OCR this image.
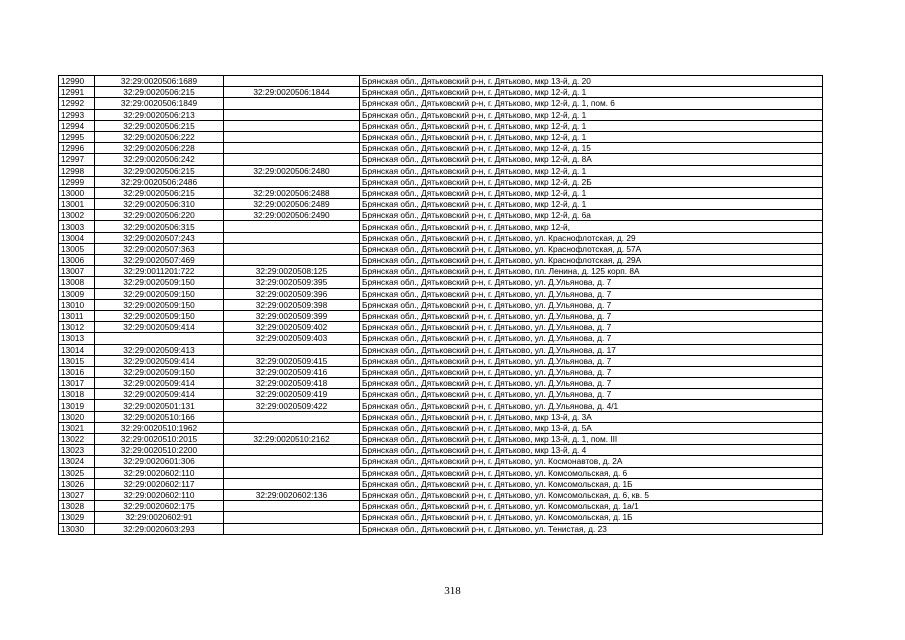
12990	32:29:0020506:1689		Брянская обл., Дятьковский р-н, г. Дятьково, мкр 13-й, д. 20
12991	32:29:0020506:215	32:29:0020506:1844	Брянская обл., Дятьковский р-н, г. Дятьково, мкр 12-й, д. 1
12992	32:29:0020506:1849		Брянская обл., Дятьковский р-н, г. Дятьково, мкр 12-й, д. 1, пом. 6
12993	32:29:0020506:213		Брянская обл., Дятьковский р-н, г. Дятьково, мкр 12-й, д. 1
12994	32:29:0020506:215		Брянская обл., Дятьковский р-н, г. Дятьково, мкр 12-й, д. 1
12995	32:29:0020506:222		Брянская обл., Дятьковский р-н, г. Дятьково, мкр 12-й, д. 1
12996	32:29:0020506:228		Брянская обл., Дятьковский р-н, г. Дятьково, мкр 12-й, д. 15
12997	32:29:0020506:242		Брянская обл., Дятьковский р-н, г. Дятьково, мкр 12-й, д. 8А
12998	32:29:0020506:215	32:29:0020506:2480	Брянская обл., Дятьковский р-н, г. Дятьково, мкр 12-й, д. 1
12999	32:29:0020506:2486		Брянская обл., Дятьковский р-н, г. Дятьково, мкр 12-й, д. 2Б
13000	32:29:0020506:215	32:29:0020506:2488	Брянская обл., Дятьковский р-н, г. Дятьково, мкр 12-й, д. 1
13001	32:29:0020506:310	32:29:0020506:2489	Брянская обл., Дятьковский р-н, г. Дятьково, мкр 12-й, д. 1
13002	32:29:0020506:220	32:29:0020506:2490	Брянская обл., Дятьковский р-н, г. Дятьково, мкр 12-й, д. 6а
13003	32:29:0020506:315		Брянская обл., Дятьковский р-н, г. Дятьково, мкр 12-й,
13004	32:29:0020507:243		Брянская обл., Дятьковский р-н, г. Дятьково, ул. Краснофлотская, д. 29
13005	32:29:0020507:363		Брянская обл., Дятьковский р-н, г. Дятьково, ул. Краснофлотская, д. 57А
13006	32:29:0020507:469		Брянская обл., Дятьковский р-н, г. Дятьково, ул. Краснофлотская, д. 29А
13007	32:29:0011201:722	32:29:0020508:125	Брянская обл., Дятьковский р-н, г. Дятьково, пл. Ленина, д. 125 корп. 8А
13008	32:29:0020509:150	32:29:0020509:395	Брянская обл., Дятьковский р-н, г. Дятьково, ул. Д.Ульянова, д. 7
13009	32:29:0020509:150	32:29:0020509:396	Брянская обл., Дятьковский р-н, г. Дятьково, ул. Д.Ульянова, д. 7
13010	32:29:0020509:150	32:29:0020509:398	Брянская обл., Дятьковский р-н, г. Дятьково, ул. Д.Ульянова, д. 7
13011	32:29:0020509:150	32:29:0020509:399	Брянская обл., Дятьковский р-н, г. Дятьково, ул. Д.Ульянова, д. 7
13012	32:29:0020509:414	32:29:0020509:402	Брянская обл., Дятьковский р-н, г. Дятьково, ул. Д.Ульянова, д. 7
13013		32:29:0020509:403	Брянская обл., Дятьковский р-н, г. Дятьково, ул. Д.Ульянова, д. 7
13014	32:29:0020509:413		Брянская обл., Дятьковский р-н, г. Дятьково, ул. Д.Ульянова, д. 17
13015	32:29:0020509:414	32:29:0020509:415	Брянская обл., Дятьковский р-н, г. Дятьково, ул. Д.Ульянова, д. 7
13016	32:29:0020509:150	32:29:0020509:416	Брянская обл., Дятьковский р-н, г. Дятьково, ул. Д.Ульянова, д. 7
13017	32:29:0020509:414	32:29:0020509:418	Брянская обл., Дятьковский р-н, г. Дятьково, ул. Д.Ульянова, д. 7
13018	32:29:0020509:414	32:29:0020509:419	Брянская обл., Дятьковский р-н, г. Дятьково, ул. Д.Ульянова, д. 7
13019	32:29:0020501:131	32:29:0020509:422	Брянская обл., Дятьковский р-н, г. Дятьково, ул. Д.Ульянова, д. 4/1
13020	32:29:0020510:166		Брянская обл., Дятьковский р-н, г. Дятьково, мкр 13-й, д. 3А
13021	32:29:0020510:1962		Брянская обл., Дятьковский р-н, г. Дятьково, мкр 13-й, д. 5А
13022	32:29:0020510:2015	32:29:0020510:2162	Брянская обл., Дятьковский р-н, г. Дятьково, мкр 13-й, д. 1, пом. III
13023	32:29:0020510:2200		Брянская обл., Дятьковский р-н, г. Дятьково, мкр 13-й, д. 4
13024	32:29:0020601:306		Брянская обл., Дятьковский р-н, г. Дятьково, ул. Космонавтов, д. 2А
13025	32:29:0020602:110		Брянская обл., Дятьковский р-н, г. Дятьково, ул. Комсомольская, д. 6
13026	32:29:0020602:117		Брянская обл., Дятьковский р-н, г. Дятьково, ул. Комсомольская, д. 1Б
13027	32:29:0020602:110	32:29:0020602:136	Брянская обл., Дятьковский р-н, г. Дятьково, ул. Комсомольская, д. 6, кв. 5
13028	32:29:0020602:175		Брянская обл., Дятьковский р-н, г. Дятьково, ул. Комсомольская, д. 1а/1
13029	32:29:0020602:91		Брянская обл., Дятьковский р-н, г. Дятьково, ул. Комсомольская, д. 1Б
13030	32:29:0020603:293		Брянская обл., Дятьковский р-н, г. Дятьково, ул. Тенистая, д. 23
318
